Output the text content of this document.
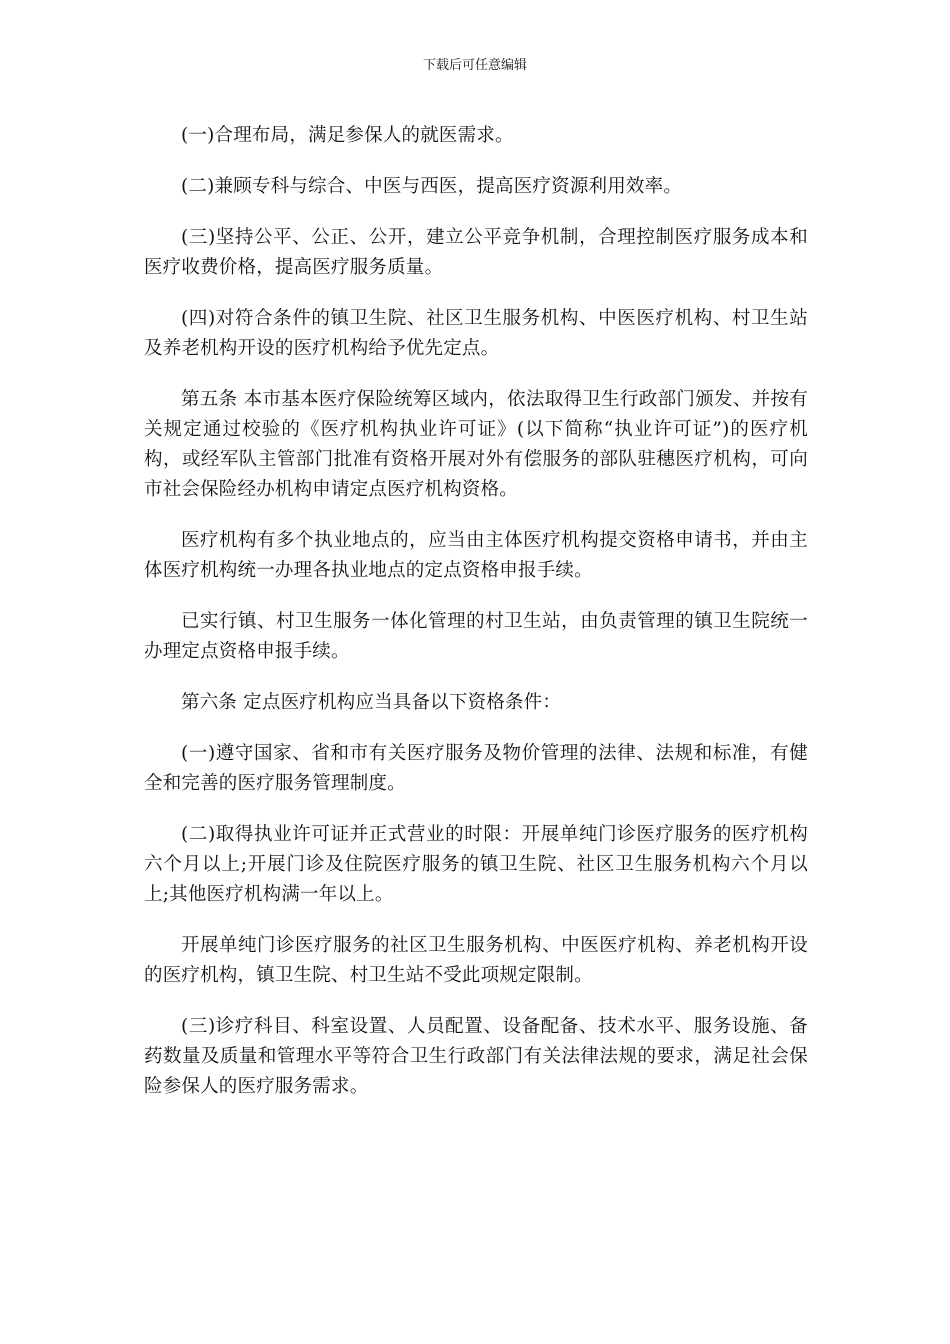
下载后可任意编辑

(一)合理布局，满足参保人的就医需求。

(二)兼顾专科与综合、中医与西医，提高医疗资源利用效率。

(三)坚持公平、公正、公开，建立公平竞争机制，合理控制医疗服务成本和医疗收费价格，提高医疗服务质量。

(四)对符合条件的镇卫生院、社区卫生服务机构、中医医疗机构、村卫生站及养老机构开设的医疗机构给予优先定点。

第五条 本市基本医疗保险统筹区域内，依法取得卫生行政部门颁发、并按有关规定通过校验的《医疗机构执业许可证》(以下简称“执业许可证”)的医疗机构，或经军队主管部门批准有资格开展对外有偿服务的部队驻穗医疗机构，可向市社会保险经办机构申请定点医疗机构资格。

医疗机构有多个执业地点的，应当由主体医疗机构提交资格申请书，并由主体医疗机构统一办理各执业地点的定点资格申报手续。

已实行镇、村卫生服务一体化管理的村卫生站，由负责管理的镇卫生院统一办理定点资格申报手续。

第六条 定点医疗机构应当具备以下资格条件：

(一)遵守国家、省和市有关医疗服务及物价管理的法律、法规和标准，有健全和完善的医疗服务管理制度。

(二)取得执业许可证并正式营业的时限：开展单纯门诊医疗服务的医疗机构六个月以上;开展门诊及住院医疗服务的镇卫生院、社区卫生服务机构六个月以上;其他医疗机构满一年以上。

开展单纯门诊医疗服务的社区卫生服务机构、中医医疗机构、养老机构开设的医疗机构，镇卫生院、村卫生站不受此项规定限制。

(三)诊疗科目、科室设置、人员配置、设备配备、技术水平、服务设施、备药数量及质量和管理水平等符合卫生行政部门有关法律法规的要求，满足社会保险参保人的医疗服务需求。
